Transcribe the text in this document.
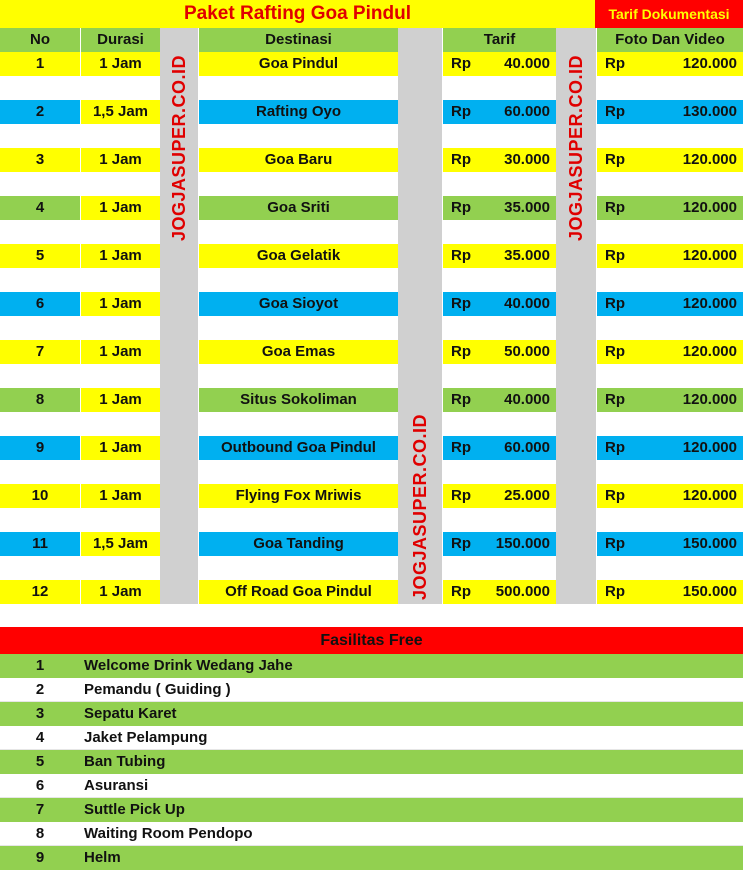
Paket Rafting Goa Pindul	Tarif Dokumentasi
No	Durasi	Destinasi	Tarif	Foto Dan Video
1	1 Jam	Goa Pindul	Rp	40.000	Rp	120.000
2	1,5 Jam	Rafting Oyo	Rp	60.000	Rp	130.000
3	1 Jam	Goa Baru	Rp	30.000	Rp	120.000
4	1 Jam	Goa Sriti	Rp	35.000	Rp	120.000
5	1 Jam	Goa Gelatik	Rp	35.000	Rp	120.000
6	1 Jam	Goa Sioyot	Rp	40.000	Rp	120.000
7	1 Jam	Goa Emas	Rp	50.000	Rp	120.000
8	1 Jam	Situs Sokoliman	Rp	40.000	Rp	120.000
9	1 Jam	Outbound Goa Pindul	Rp	60.000	Rp	120.000
10	1 Jam	Flying Fox Mriwis	Rp	25.000	Rp	120.000
11	1,5 Jam	Goa Tanding	Rp	150.000	Rp	150.000
12	1 Jam	Off Road Goa Pindul	Rp	500.000	Rp	150.000
JOGJASUPER.CO.ID
JOGJASUPER.CO.ID
JOGJASUPER.CO.ID
Fasilitas Free
1	Welcome Drink Wedang Jahe
2	Pemandu ( Guiding )
3	Sepatu Karet
4	Jaket Pelampung
5	Ban Tubing
6	Asuransi
7	Suttle Pick Up
8	Waiting Room Pendopo
9	Helm
